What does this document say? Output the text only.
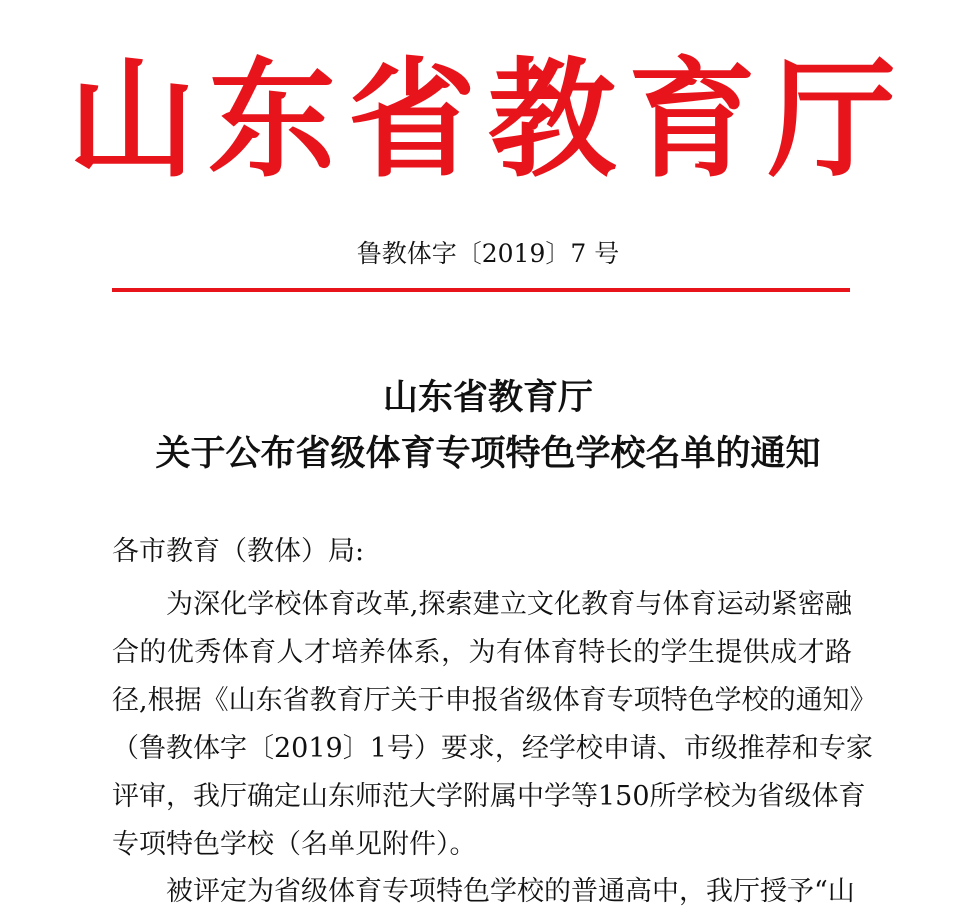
山东省教育厅
鲁教体字〔2019〕7 号
山东省教育厅
关于公布省级体育专项特色学校名单的通知
各市教育（教体）局:
为深化学校体育改革,探索建立文化教育与体育运动紧密融
合的优秀体育人才培养体系，为有体育特长的学生提供成才路
径,根据《山东省教育厅关于申报省级体育专项特色学校的通知》
（鲁教体字〔2019〕1号）要求，经学校申请、市级推荐和专家
评审，我厅确定山东师范大学附属中学等150所学校为省级体育
专项特色学校（名单见附件）。
被评定为省级体育专项特色学校的普通高中，我厅授予“山
